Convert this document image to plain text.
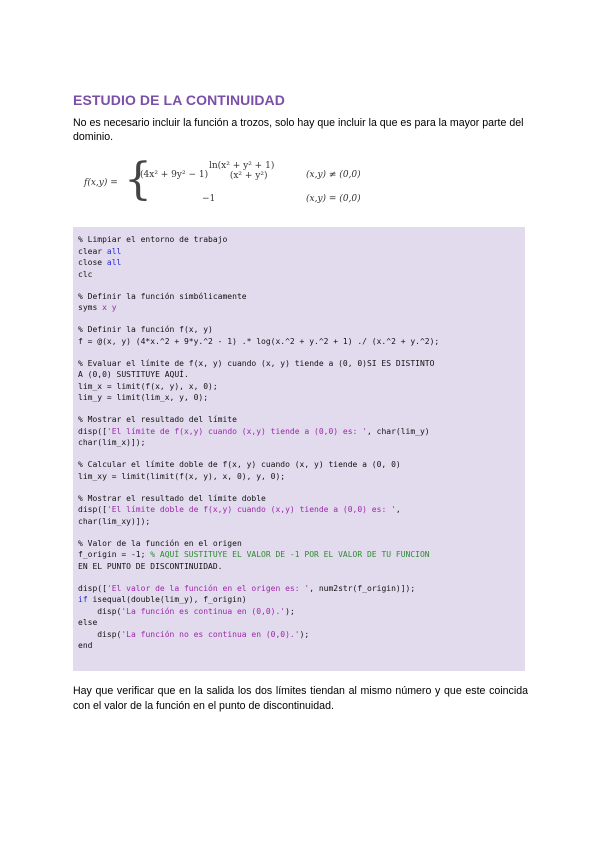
ESTUDIO DE LA CONTINUIDAD
No es necesario incluir la función a trozos, solo hay que incluir la que es para la mayor parte del dominio.
f(x,y) = {
(4x² + 9y² − 1)
ln(x² + y² + 1)
(x² + y²)	(x,y) ≠ (0,0)
−1	(x,y) = (0,0)
% Limpiar el entorno de trabajo
clear all
close all
clc
% Definir la función simbólicamente
syms x y
% Definir la función f(x, y)
f = @(x, y) (4*x.^2 + 9*y.^2 - 1) .* log(x.^2 + y.^2 + 1) ./ (x.^2 + y.^2);
% Evaluar el límite de f(x, y) cuando (x, y) tiende a (0, 0)SI ES DISTINTO
A (0,0) SUSTITUYE AQUÍ.
lim_x = limit(f(x, y), x, 0);
lim_y = limit(lim_x, y, 0);
% Mostrar el resultado del límite
disp(['El límite de f(x,y) cuando (x,y) tiende a (0,0) es: ', char(lim_y)
char(lim_x)]);
% Calcular el límite doble de f(x, y) cuando (x, y) tiende a (0, 0)
lim_xy = limit(limit(f(x, y), x, 0), y, 0);
% Mostrar el resultado del límite doble
disp(['El límite doble de f(x,y) cuando (x,y) tiende a (0,0) es: ',
char(lim_xy)]);
% Valor de la función en el origen
f_origin = -1; % AQUÍ SUSTITUYE EL VALOR DE -1 POR EL VALOR DE TU FUNCION
EN EL PUNTO DE DISCONTINUIDAD.
disp(['El valor de la función en el origen es: ', num2str(f_origin)]);
if isequal(double(lim_y), f_origin)
disp('La función es continua en (0,0).');
else
disp('La función no es continua en (0,0).');
end
Hay que verificar que en la salida los dos límites tiendan al mismo número y que este coincida con el valor de la función en el punto de discontinuidad.
